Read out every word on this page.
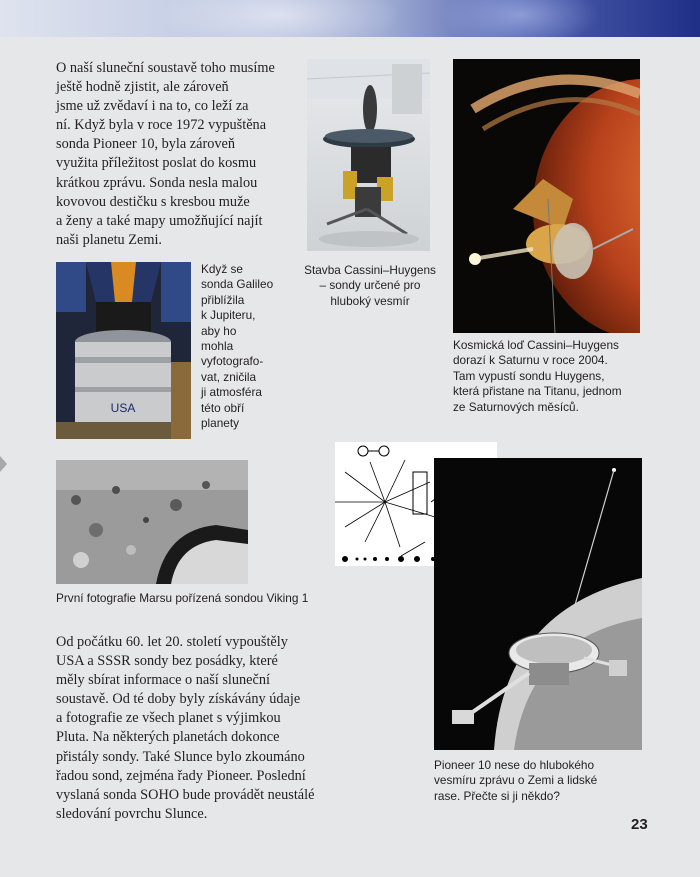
O naší sluneční soustavě toho musíme ještě hodně zjistit, ale zároveň
jsme už zvědaví i na to, co leží za
ní. Když byla v roce 1972 vypuštěna
sonda Pioneer 10, byla zároveň
využita příležitost poslat do kosmu
krátkou zprávu. Sonda nesla malou
kovovou destičku s kresbou muže
a ženy a také mapy umožňující najít
naši planetu Zemi.

Stavba Cassini–Huygens
– sondy určené pro
hluboký vesmír

Kosmická loď Cassini–Huygens
dorazí k Saturnu v roce 2004.
Tam vypustí sondu Huygens,
která přistane na Titanu, jednom
ze Saturnových měsíců.

USA

Když se
sonda Galileo
přiblížila
k Jupiteru,
aby ho
mohla
vyfotografo-
vat, zničila
ji atmosféra
této obří
planety

První fotografie Marsu pořízená sondou Viking 1

Pioneer 10 nese do hlubokého
vesmíru zprávu o Zemi a lidské
rase. Přečte si ji někdo?

Od počátku 60. let 20. století vypouštěly
USA a SSSR sondy bez posádky, které
měly sbírat informace o naší sluneční
soustavě. Od té doby byly získávány údaje
a fotografie ze všech planet s výjimkou
Pluta. Na některých planetách dokonce
přistály sondy. Také Slunce bylo zkoumáno
řadou sond, zejména řady Pioneer. Poslední
vyslaná sonda SOHO bude provádět neustálé
sledování povrchu Slunce.

23
